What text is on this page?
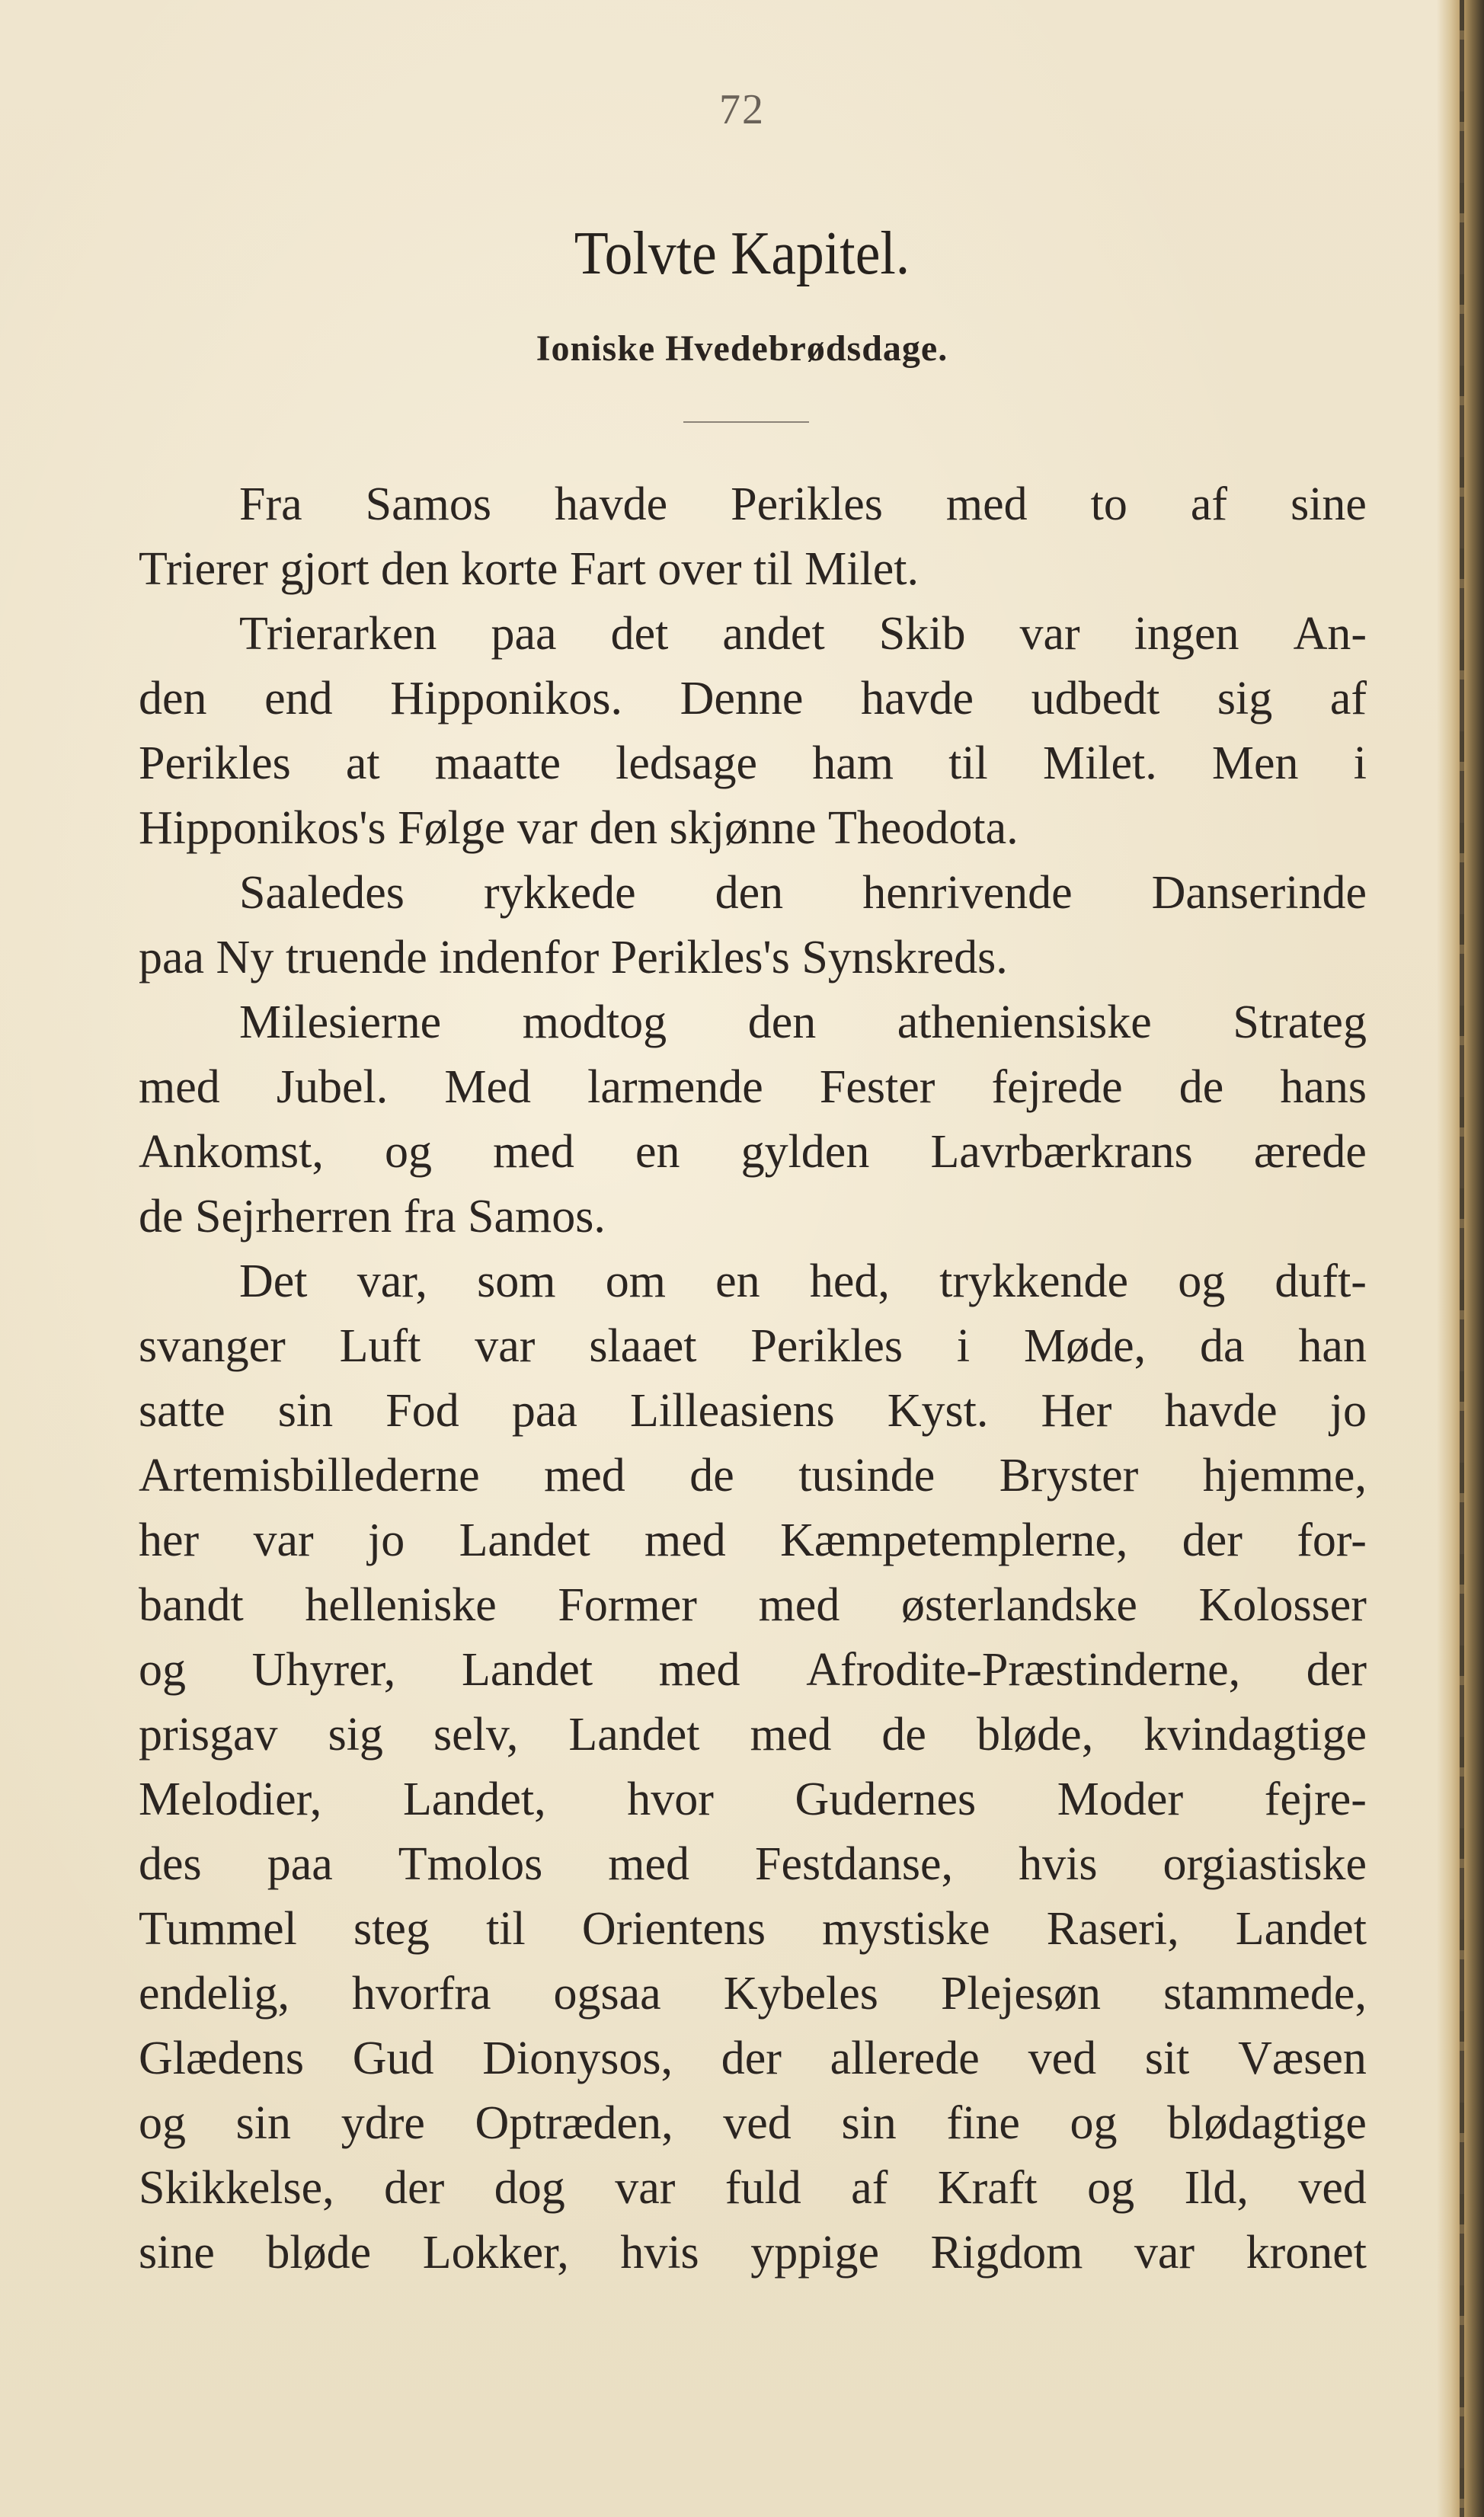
72
Tolvte Kapitel.
Ioniske Hvedebrødsdage.
Fra Samos havde Perikles med to af sine
Trierer
gjort
den
korte
Fart
over
til
Milet.
Trierarken paa det andet Skib var ingen An-
den end Hipponikos. Denne havde udbedt sig af
Perikles at maatte ledsage ham til Milet. Men i
Hipponikos's
Følge
var
den
skjønne
Theodota.
Saaledes rykkede den henrivende Danserinde
paa
Ny
truende
indenfor
Perikles's
Synskreds.
Milesierne modtog den atheniensiske Strateg
med Jubel. Med larmende Fester fejrede de hans
Ankomst, og med en gylden Lavrbærkrans ærede
de
Sejrherren
fra
Samos.
Det var, som om en hed, trykkende og duft-
svanger Luft var slaaet Perikles i Møde, da han
satte sin Fod paa Lilleasiens Kyst. Her havde jo
Artemisbillederne med de tusinde Bryster hjemme,
her var jo Landet med Kæmpetemplerne, der for-
bandt helleniske Former med østerlandske Kolosser
og Uhyrer, Landet med Afrodite-Præstinderne, der
prisgav sig selv, Landet med de bløde, kvindagtige
Melodier, Landet, hvor Gudernes Moder fejre-
des paa Tmolos med Festdanse, hvis orgiastiske
Tummel steg til Orientens mystiske Raseri, Landet
endelig, hvorfra ogsaa Kybeles Plejesøn stammede,
Glædens Gud Dionysos, der allerede ved sit Væsen
og sin ydre Optræden, ved sin fine og blødagtige
Skikkelse, der dog var fuld af Kraft og Ild, ved
sine bløde Lokker, hvis yppige Rigdom var kronet
